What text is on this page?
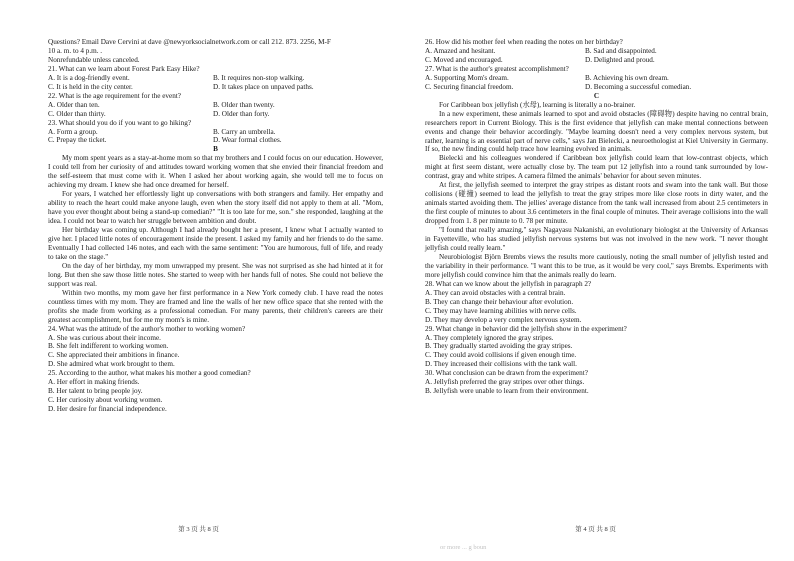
Questions? Email Dave Cervini at dave @newyorksocialnetwork.com or call 212. 873. 2256, M-F
10 a. m. to 4 p.m. .
Nonrefundable unless canceled.
21. What can we learn about Forest Park Easy Hike?
A. It is a dog-friendly event.	B. It requires non-stop walking.
C. It is held in the city center.	D. It takes place on unpaved paths.
22. What is the age requirement for the event?
A. Older than ten.	B. Older than twenty.
C. Older than thirty.	D. Older than forty.
23. What should you do if you want to go hiking?
A. Form a group.	B. Carry an umbrella.
C. Prepay the ticket.	D. Wear formal clothes.
B
My mom spent years as a stay-at-home mom so that my brothers and I could focus on our education. However, I could tell from her curiosity of and attitudes toward working women that she envied their financial freedom and the self-esteem that must come with it. When I asked her about working again, she would tell me to focus on achieving my dream. I knew she had once dreamed for herself.
For years, I watched her effortlessly light up conversations with both strangers and family. Her empathy and ability to reach the heart could make anyone laugh, even when the story itself did not apply to them at all. "Mom, have you ever thought about being a stand-up comedian?" "It is too late for me, son." she responded, laughing at the idea. I could not bear to watch her struggle between ambition and doubt.
Her birthday was coming up. Although I had already bought her a present, I knew what I actually wanted to give her. I placed little notes of encouragement inside the present. I asked my family and her friends to do the same. Eventually I had collected 146 notes, and each with the same sentiment: "You are humorous, full of life, and ready to take on the stage."
On the day of her birthday, my mom unwrapped my present. She was not surprised as she had hinted at it for long. But then she saw those little notes. She started to weep with her hands full of notes. She could not believe the support was real.
Within two months, my mom gave her first performance in a New York comedy club. I have read the notes countless times with my mom. They are framed and line the walls of her new office space that she rented with the profits she made from working as a professional comedian. For many parents, their children's careers are their greatest accomplishment, but for me my mom's is mine.
24. What was the attitude of the author's mother to working women?
A. She was curious about their income.
B. She felt indifferent to working women.
C. She appreciated their ambitions in finance.
D. She admired what work brought to them.
25. According to the author, what makes his mother a good comedian?
A. Her effort in making friends.
B. Her talent to bring people joy.
C. Her curiosity about working women.
D. Her desire for financial independence.
第 3 页 共 8 页
26. How did his mother feel when reading the notes on her birthday?
A. Amazed and hesitant.	B. Sad and disappointed.
C. Moved and encouraged.	D. Delighted and proud.
27. What is the author's greatest accomplishment?
A. Supporting Mom's dream.	B. Achieving his own dream.
C. Securing financial freedom.	D. Becoming a successful comedian.
C
For Caribbean box jellyfish (水母), learning is literally a no-brainer.
In a new experiment, these animals learned to spot and avoid obstacles (障碍物) despite having no central brain, researchers report in Current Biology. This is the first evidence that jellyfish can make mental connections between events and change their behavior accordingly. "Maybe learning doesn't need a very complex nervous system, but rather, learning is an essential part of nerve cells," says Jan Bielecki, a neuroethologist at Kiel University in Germany. If so, the new finding could help trace how learning evolved in animals.
Bielecki and his colleagues wondered if Caribbean box jellyfish could learn that low-contrast objects, which might at first seem distant, were actually close by. The team put 12 jellyfish into a round tank surrounded by low-contrast, gray and white stripes. A camera filmed the animals' behavior for about seven minutes.
At first, the jellyfish seemed to interpret the gray stripes as distant roots and swam into the tank wall. But those collisions (碰撞) seemed to lead the jellyfish to treat the gray stripes more like close roots in dirty water, and the animals started avoiding them. The jellies' average distance from the tank wall increased from about 2.5 centimeters in the first couple of minutes to about 3.6 centimeters in the final couple of minutes. Their average collisions into the wall dropped from 1. 8 per minute to 0. 78 per minute.
"I found that really amazing," says Nagayasu Nakanishi, an evolutionary biologist at the University of Arkansas in Fayetteville, who has studied jellyfish nervous systems but was not involved in the new work. "I never thought jellyfish could really learn."
Neurobiologist Björn Brembs views the results more cautiously, noting the small number of jellyfish tested and the variability in their performance. "I want this to be true, as it would be very cool," says Brembs. Experiments with more jellyfish could convince him that the animals really do learn.
28. What can we know about the jellyfish in paragraph 2?
A. They can avoid obstacles with a central brain.
B. They can change their behaviour after evolution.
C. They may have learning abilities with nerve cells.
D. They may develop a very complex nervous system.
29. What change in behavior did the jellyfish show in the experiment?
A. They completely ignored the gray stripes.
B. They gradually started avoiding the gray stripes.
C. They could avoid collisions if given enough time.
D. They increased their collisions with the tank wall.
30. What conclusion can be drawn from the experiment?
A. Jellyfish preferred the gray stripes over other things.
B. Jellyfish were unable to learn from their environment.
第 4 页 共 8 页
or more ... g boun
